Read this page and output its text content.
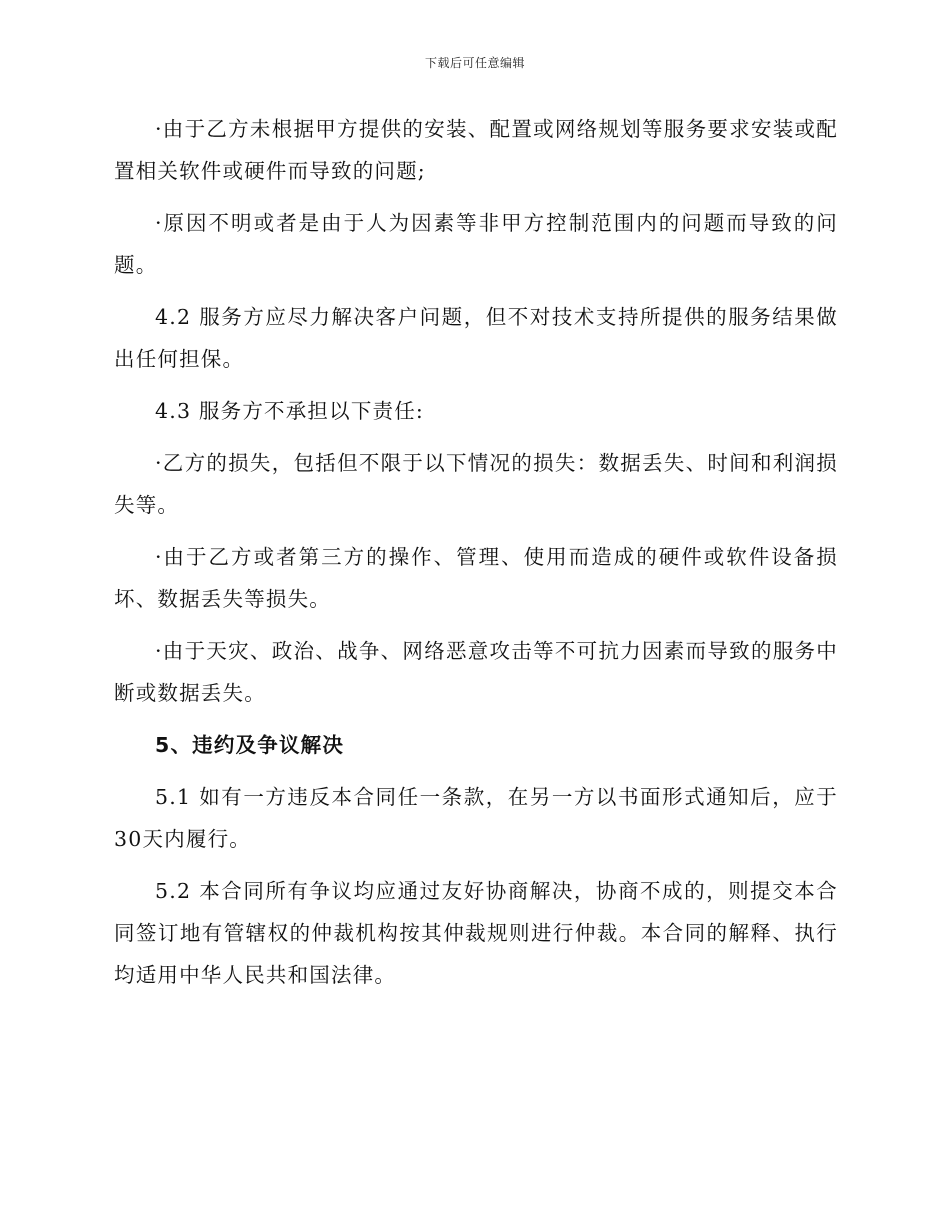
下载后可任意编辑

·由于乙方未根据甲方提供的安装、配置或网络规划等服务要求安装或配置相关软件或硬件而导致的问题;

·原因不明或者是由于人为因素等非甲方控制范围内的问题而导致的问题。

4.2 服务方应尽力解决客户问题，但不对技术支持所提供的服务结果做出任何担保。

4.3 服务方不承担以下责任:

·乙方的损失，包括但不限于以下情况的损失：数据丢失、时间和利润损失等。

·由于乙方或者第三方的操作、管理、使用而造成的硬件或软件设备损坏、数据丢失等损失。

·由于天灾、政治、战争、网络恶意攻击等不可抗力因素而导致的服务中断或数据丢失。

5、违约及争议解决

5.1 如有一方违反本合同任一条款，在另一方以书面形式通知后，应于30天内履行。

5.2 本合同所有争议均应通过友好协商解决，协商不成的，则提交本合同签订地有管辖权的仲裁机构按其仲裁规则进行仲裁。本合同的解释、执行均适用中华人民共和国法律。
